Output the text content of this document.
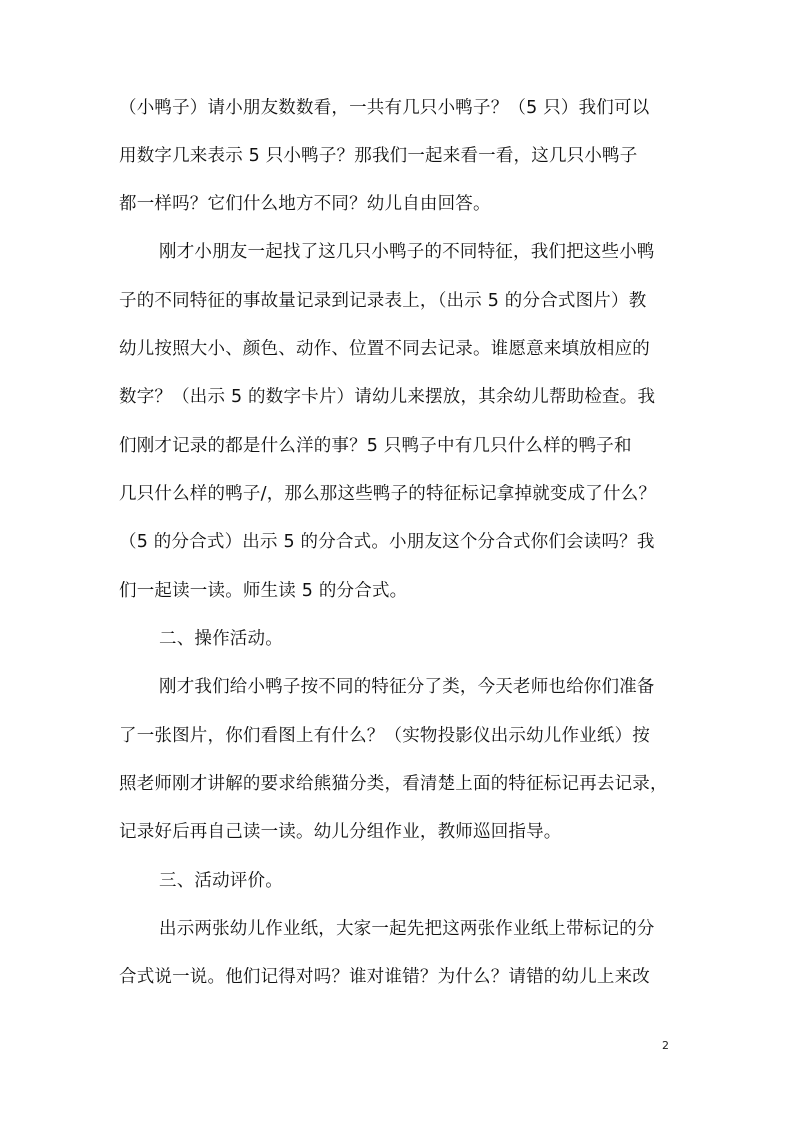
（小鸭子）请小朋友数数看，一共有几只小鸭子？（5 只）我们可以
用数字几来表示 5 只小鸭子？那我们一起来看一看，这几只小鸭子
都一样吗？它们什么地方不同？幼儿自由回答。
刚才小朋友一起找了这几只小鸭子的不同特征，我们把这些小鸭
子的不同特征的事故量记录到记录表上，（出示 5 的分合式图片）教
幼儿按照大小、颜色、动作、位置不同去记录。谁愿意来填放相应的
数字？（出示 5 的数字卡片）请幼儿来摆放，其余幼儿帮助检查。我
们刚才记录的都是什么洋的事？5 只鸭子中有几只什么样的鸭子和
几只什么样的鸭子/，那么那这些鸭子的特征标记拿掉就变成了什么？
（5 的分合式）出示 5 的分合式。小朋友这个分合式你们会读吗？我
们一起读一读。师生读 5 的分合式。
二、操作活动。
刚才我们给小鸭子按不同的特征分了类，今天老师也给你们准备
了一张图片，你们看图上有什么？（实物投影仪出示幼儿作业纸）按
照老师刚才讲解的要求给熊猫分类，看清楚上面的特征标记再去记录，
记录好后再自己读一读。幼儿分组作业，教师巡回指导。
三、活动评价。
出示两张幼儿作业纸，大家一起先把这两张作业纸上带标记的分
合式说一说。他们记得对吗？谁对谁错？为什么？请错的幼儿上来改
2
